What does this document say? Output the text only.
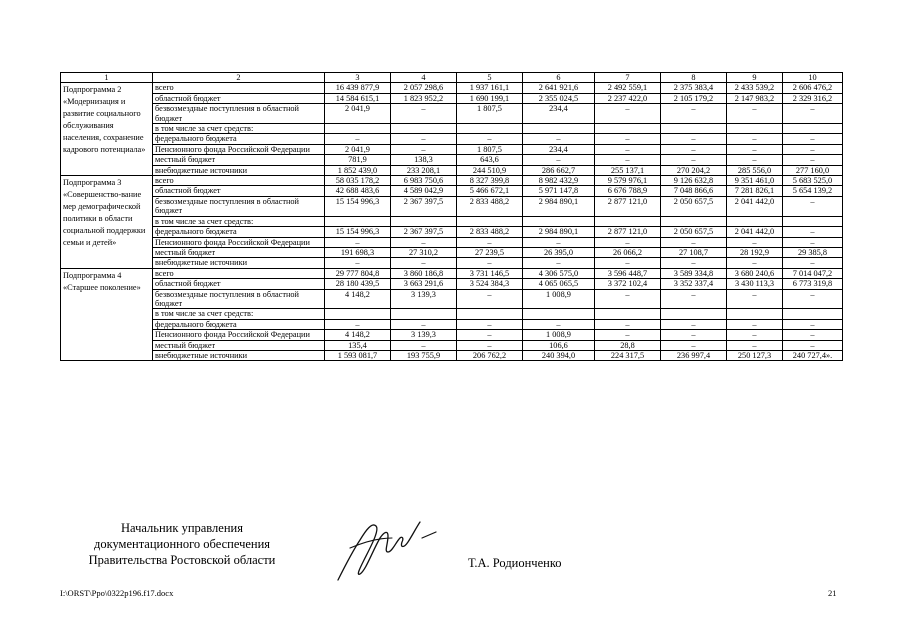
1	2	3	4	5	6	7	8	9	10
Подпрограмма 2 «Модернизация и развитие социального обслуживания населения, сохранение кадрового потенциала»	всего	16 439 877,9	2 057 298,6	1 937 161,1	2 641 921,6	2 492 559,1	2 375 383,4	2 433 539,2	2 606 476,2
	областной бюджет	14 584 615,1	1 823 952,2	1 690 199,1	2 355 024,5	2 237 422,0	2 105 179,2	2 147 983,2	2 329 316,2
	безвозмездные поступления в областной бюджет	2 041,9	–	1 807,5	234,4	–	–	–	–
	в том числе за счет средств:								
	федерального бюджета	–	–	–	–	–	–	–	–
	Пенсионного фонда Российской Федерации	2 041,9	–	1 807,5	234,4	–	–	–	–
	местный бюджет	781,9	138,3	643,6	–	–	–	–	–
	внебюджетные источники	1 852 439,0	233 208,1	244 510,9	286 662,7	255 137,1	270 204,2	285 556,0	277 160,0
Подпрограмма 3 «Совершенство-вание мер демографической политики в области социальной поддержки семьи и детей»	всего	58 035 178,2	6 983 750,6	8 327 399,8	8 982 432,9	9 579 976,1	9 126 632,8	9 351 461,0	5 683 525,0
	областной бюджет	42 688 483,6	4 589 042,9	5 466 672,1	5 971 147,8	6 676 788,9	7 048 866,6	7 281 826,1	5 654 139,2
	безвозмездные поступления в областной бюджет	15 154 996,3	2 367 397,5	2 833 488,2	2 984 890,1	2 877 121,0	2 050 657,5	2 041 442,0	–
	в том числе за счет средств:								
	федерального бюджета	15 154 996,3	2 367 397,5	2 833 488,2	2 984 890,1	2 877 121,0	2 050 657,5	2 041 442,0	–
	Пенсионного фонда Российской Федерации	–	–	–	–	–	–	–	–
	местный бюджет	191 698,3	27 310,2	27 239,5	26 395,0	26 066,2	27 108,7	28 192,9	29 385,8
	внебюджетные источники	–	–	–	–	–	–	–	–
Подпрограмма 4 «Старшее поколение»	всего	29 777 804,8	3 860 186,8	3 731 146,5	4 306 575,0	3 596 448,7	3 589 334,8	3 680 240,6	7 014 047,2
	областной бюджет	28 180 439,5	3 663 291,6	3 524 384,3	4 065 065,5	3 372 102,4	3 352 337,4	3 430 113,3	6 773 319,8
	безвозмездные поступления в областной бюджет	4 148,2	3 139,3	–	1 008,9	–	–	–	–
	в том числе за счет средств:								
	федерального бюджета	–	–	–	–	–	–	–	–
	Пенсионного фонда Российской Федерации	4 148,2	3 139,3	–	1 008,9	–	–	–	–
	местный бюджет	135,4	–	–	106,6	28,8	–	–	–
	внебюджетные источники	1 593 081,7	193 755,9	206 762,2	240 394,0	224 317,5	236 997,4	250 127,3	240 727,4».
Начальник управления
документационного обеспечения
Правительства Ростовской области	Т.А. Родионченко
I:\ORST\Ppo\0322p196.f17.docx	21
